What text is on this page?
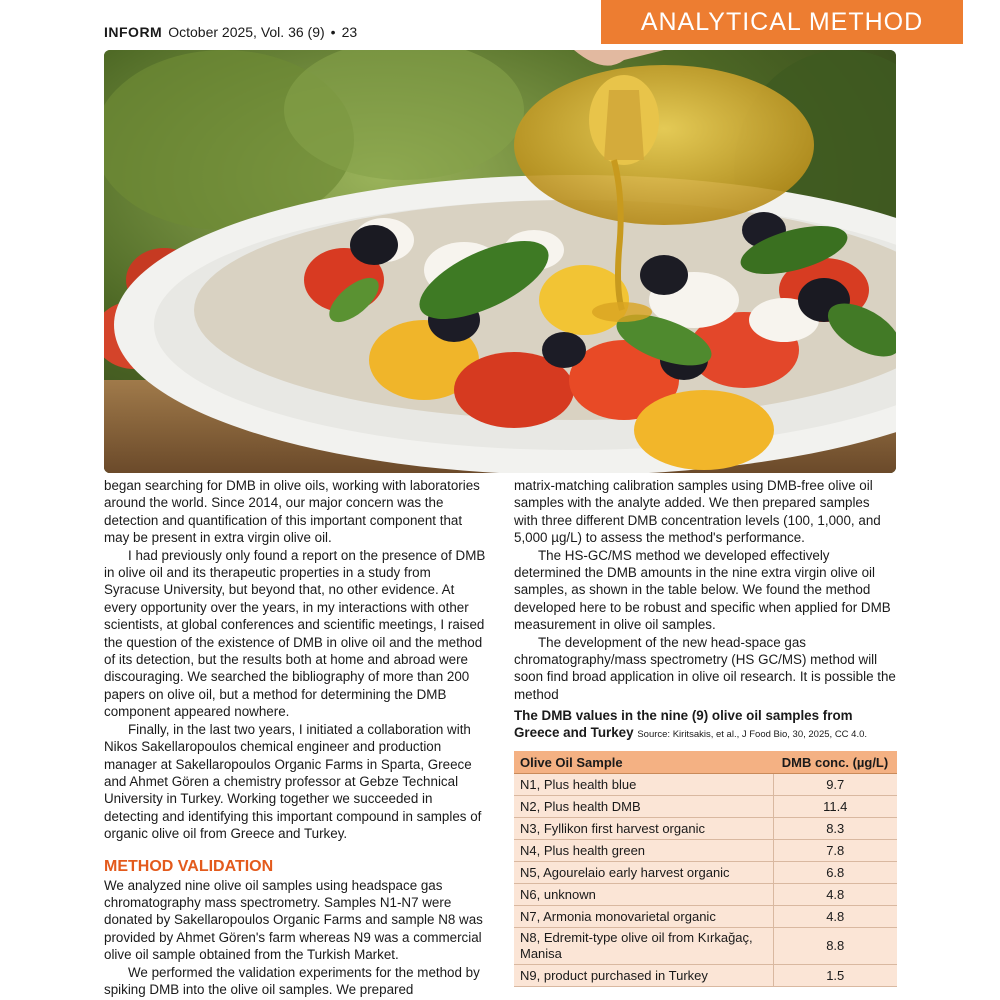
INFORM October 2025, Vol. 36 (9) • 23	ANALYTICAL METHOD

began searching for DMB in olive oils, working with laboratories around the world. Since 2014, our major concern was the detection and quantification of this important component that may be present in extra virgin olive oil.

I had previously only found a report on the presence of DMB in olive oil and its therapeutic properties in a study from Syracuse University, but beyond that, no other evidence. At every opportunity over the years, in my interactions with other scientists, at global conferences and scientific meetings, I raised the question of the existence of DMB in olive oil and the method of its detection, but the results both at home and abroad were discouraging. We searched the bibliography of more than 200 papers on olive oil, but a method for determining the DMB component appeared nowhere.

Finally, in the last two years, I initiated a collaboration with Nikos Sakellaropoulos chemical engineer and production manager at Sakellaropoulos Organic Farms in Sparta, Greece and Ahmet Gören a chemistry professor at Gebze Technical University in Turkey. Working together we succeeded in detecting and identifying this important compound in samples of organic olive oil from Greece and Turkey.

METHOD VALIDATION

We analyzed nine olive oil samples using headspace gas chromatography mass spectrometry. Samples N1-N7 were donated by Sakellaropoulos Organic Farms and sample N8 was provided by Ahmet Gören's farm whereas N9 was a commercial olive oil sample obtained from the Turkish Market.

We performed the validation experiments for the method by spiking DMB into the olive oil samples. We prepared

matrix-matching calibration samples using DMB-free olive oil samples with the analyte added. We then prepared samples with three different DMB concentration levels (100, 1,000, and 5,000 µg/L) to assess the method's performance.

The HS-GC/MS method we developed effectively determined the DMB amounts in the nine extra virgin olive oil samples, as shown in the table below. We found the method developed here to be robust and specific when applied for DMB measurement in olive oil samples.

The development of the new head-space gas chromatography/mass spectrometry (HS GC/MS) method will soon find broad application in olive oil research. It is possible the method

The DMB values in the nine (9) olive oil samples from Greece and Turkey Source: Kiritsakis, et al., J Food Bio, 30, 2025, CC 4.0.
Olive Oil Sample	DMB conc. (µg/L)
N1, Plus health blue	9.7
N2, Plus health DMB	11.4
N3, Fyllikon first harvest organic	8.3
N4, Plus health green	7.8
N5, Agourelaio early harvest organic	6.8
N6, unknown	4.8
N7, Armonia monovarietal organic	4.8
N8, Edremit-type olive oil from Kırkağaç, Manisa	8.8
N9, product purchased in Turkey	1.5
